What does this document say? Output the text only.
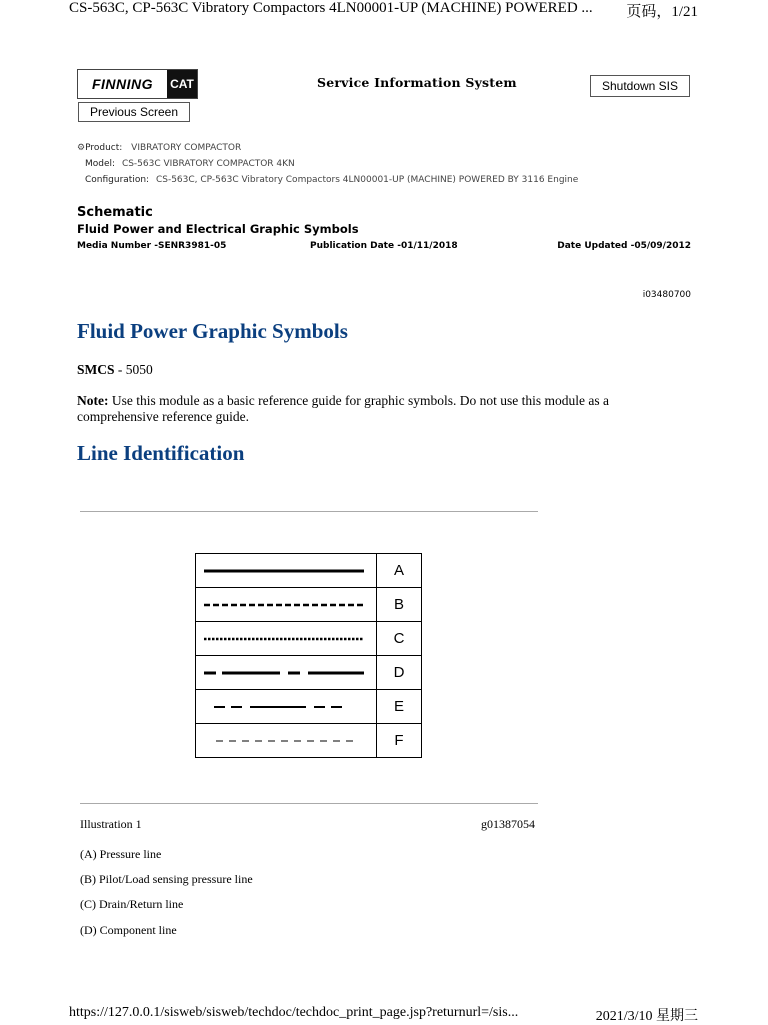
CS-563C, CP-563C Vibratory Compactors 4LN00001-UP (MACHINE) POWERED ... 页码，1/21
FINNING	CAT
Previous Screen
Service Information System	Shutdown SIS
⚙Product: VIBRATORY COMPACTOR
Model: CS-563C VIBRATORY COMPACTOR 4KN
Configuration: CS-563C, CP-563C Vibratory Compactors 4LN00001-UP (MACHINE) POWERED BY 3116 Engine
Schematic
Fluid Power and Electrical Graphic Symbols
Media Number -SENR3981-05	Publication Date -01/11/2018	Date Updated -05/09/2012
i03480700
Fluid Power Graphic Symbols
SMCS - 5050
Note: Use this module as a basic reference guide for graphic symbols. Do not use this module as a comprehensive reference guide.
Line Identification
	A

	B

	C

	D

	E

	F
Illustration 1	g01387054
(A) Pressure line
(B) Pilot/Load sensing pressure line
(C) Drain/Return line
(D) Component line
https://127.0.0.1/sisweb/sisweb/techdoc/techdoc_print_page.jsp?returnurl=/sis...	2021/3/10 星期三
